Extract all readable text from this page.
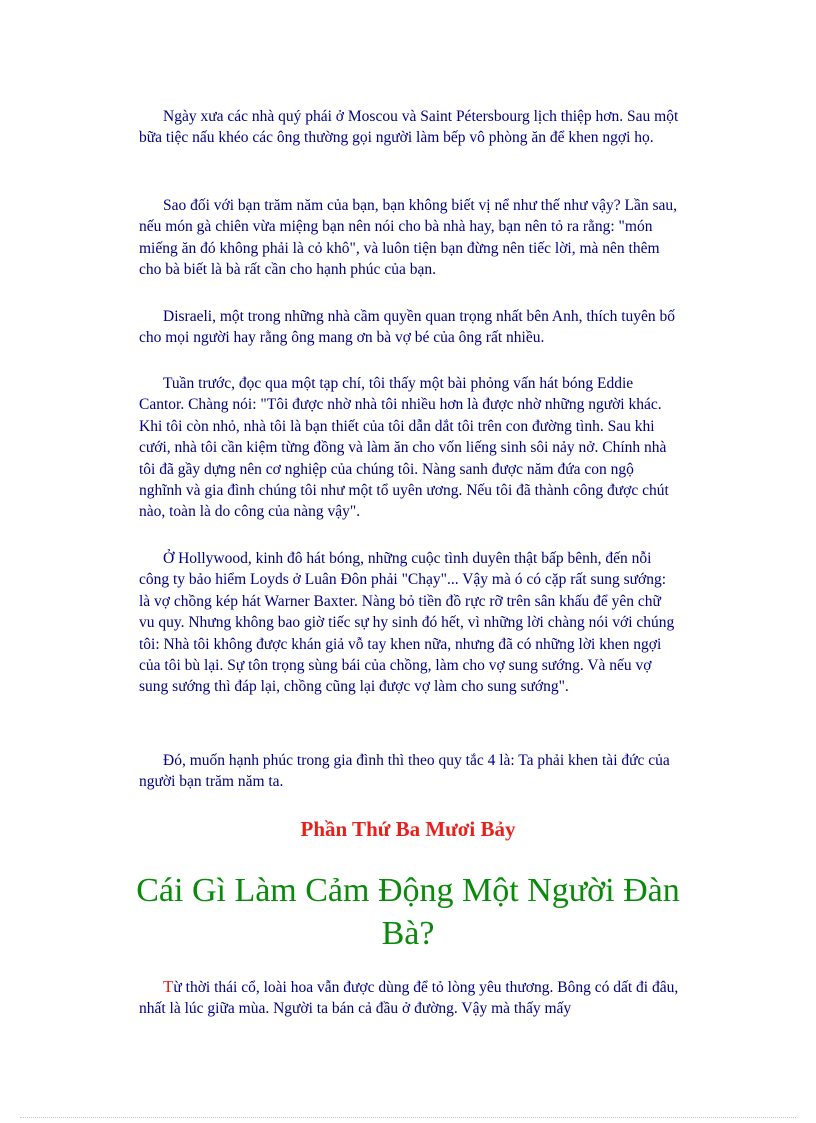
Ngày xưa các nhà quý phái ở Moscou và Saint Pétersbourg lịch thiệp hơn. Sau một bữa tiệc nấu khéo các ông thường gọi người làm bếp vô phòng ăn để khen ngợi họ.

Sao đối với bạn trăm năm của bạn, bạn không biết vị nể như thế như vậy? Lần sau, nếu món gà chiên vừa miệng bạn nên nói cho bà nhà hay, bạn nên tỏ ra rằng: "món miếng ăn đó không phải là cỏ khô", và luôn tiện bạn đừng nên tiếc lời, mà nên thêm cho bà biết là bà rất cần cho hạnh phúc của bạn.

Disraeli, một trong những nhà cầm quyền quan trọng nhất bên Anh, thích tuyên bố cho mọi người hay rằng ông mang ơn bà vợ bé của ông rất nhiều.

Tuần trước, đọc qua một tạp chí, tôi thấy một bài phỏng vấn hát bóng Eddie Cantor. Chàng nói: "Tôi được nhờ nhà tôi nhiều hơn là được nhờ những người khác. Khi tôi còn nhỏ, nhà tôi là bạn thiết của tôi dẫn dắt tôi trên con đường tình. Sau khi cưới, nhà tôi cần kiệm từng đồng và làm ăn cho vốn liếng sinh sôi nảy nở. Chính nhà tôi đã gầy dựng nên cơ nghiệp của chúng tôi. Nàng sanh được năm đứa con ngộ nghĩnh và gia đình chúng tôi như một tổ uyên ương. Nếu tôi đã thành công được chút nào, toàn là do công của nàng vậy".

Ở Hollywood, kinh đô hát bóng, những cuộc tình duyên thật bấp bênh, đến nỗi công ty bảo hiểm Loyds ở Luân Đôn phải "Chạy"... Vậy mà ó có cặp rất sung sướng: là vợ chồng kép hát Warner Baxter. Nàng bỏ tiền đồ rực rỡ trên sân khấu để yên chữ vu quy. Nhưng không bao giờ tiếc sự hy sinh đó hết, vì những lời chàng nói với chúng tôi: Nhà tôi không được khán giả vỗ tay khen nữa, nhưng đã có những lời khen ngợi của tôi bù lại. Sự tôn trọng sùng bái của chồng, làm cho vợ sung sướng. Và nếu vợ sung sướng thì đáp lại, chồng cũng lại được vợ làm cho sung sướng".

Đó, muốn hạnh phúc trong gia đình thì theo quy tắc 4 là: Ta phải khen tài đức của người bạn trăm năm ta.

Phần Thứ Ba Mươi Bảy
Cái Gì Làm Cảm Động Một Người Đàn Bà?

Từ thời thái cổ, loài hoa vẫn được dùng để tỏ lòng yêu thương. Bông có dất đi đâu, nhất là lúc giữa mùa. Người ta bán cả đầu ở đường. Vậy mà thấy mấy
